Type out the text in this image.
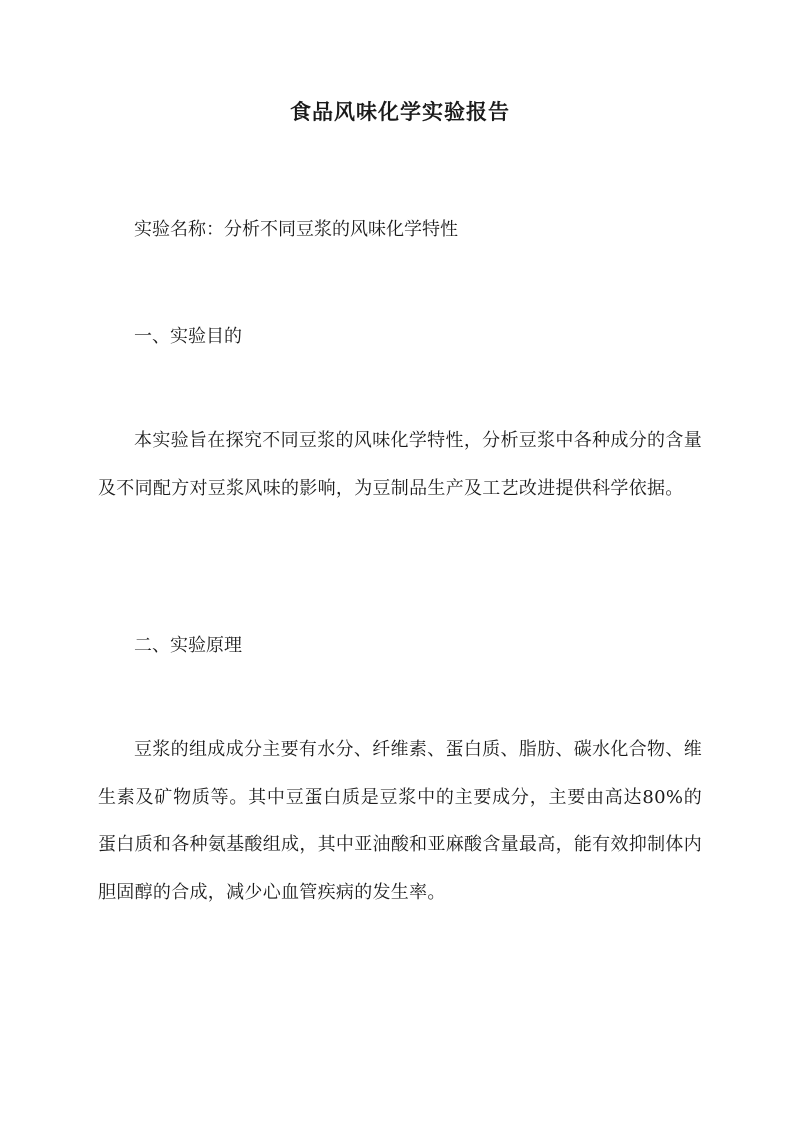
食品风味化学实验报告
实验名称：分析不同豆浆的风味化学特性
一、实验目的
本实验旨在探究不同豆浆的风味化学特性，分析豆浆中各种成分的含量及不同配方对豆浆风味的影响，为豆制品生产及工艺改进提供科学依据。
二、实验原理
豆浆的组成成分主要有水分、纤维素、蛋白质、脂肪、碳水化合物、维生素及矿物质等。其中豆蛋白质是豆浆中的主要成分，主要由高达80%的蛋白质和各种氨基酸组成，其中亚油酸和亚麻酸含量最高，能有效抑制体内胆固醇的合成，减少心血管疾病的发生率。
